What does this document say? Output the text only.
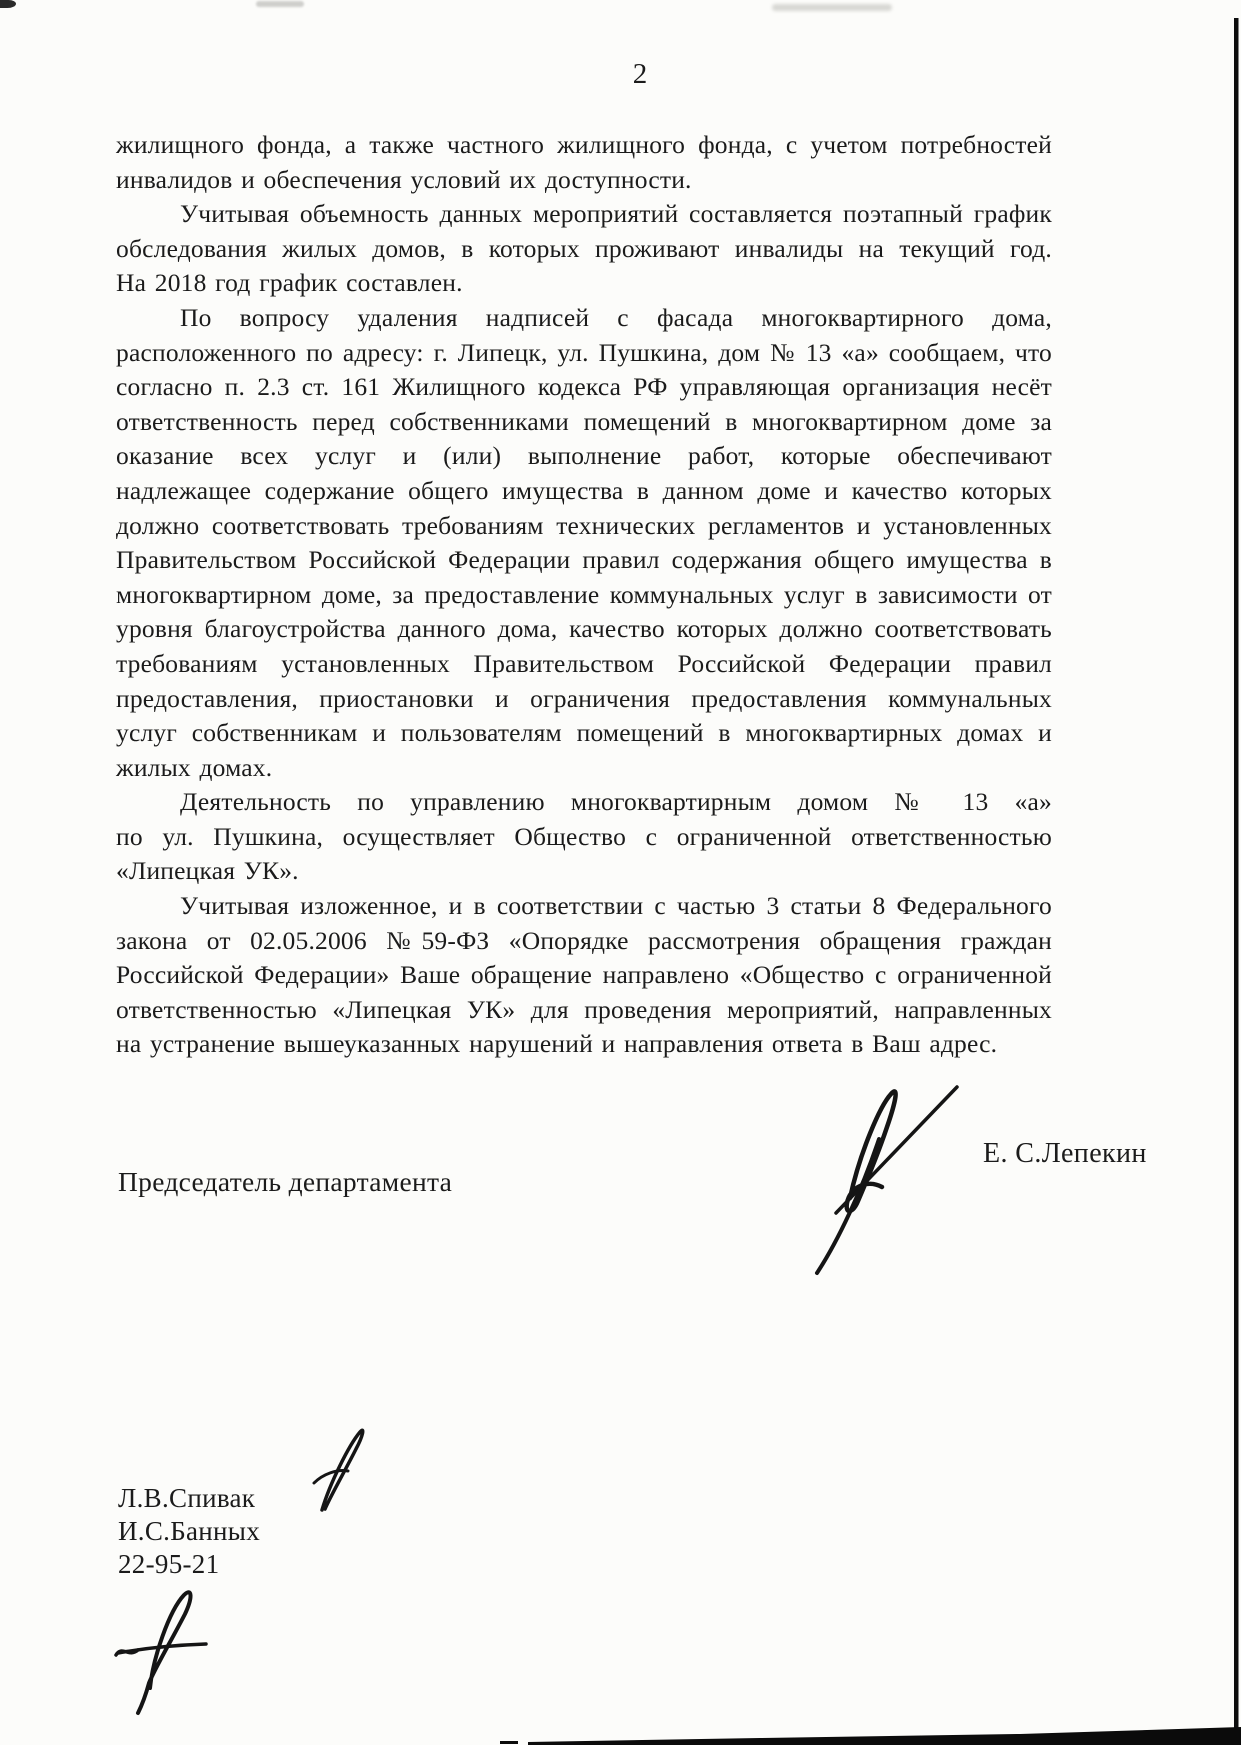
2
жилищного фонда, а также частного жилищного фонда, с учетом потребностей
инвалидов и обеспечения условий их доступности.
Учитывая объемность данных мероприятий составляется поэтапный график
обследования жилых домов, в которых проживают инвалиды на текущий год.
На 2018 год график составлен.
По вопросу удаления надписей с фасада многоквартирного дома,
расположенного по адресу: г. Липецк, ул. Пушкина, дом № 13 «а» сообщаем, что
согласно п. 2.3 ст. 161 Жилищного кодекса РФ управляющая организация несёт
ответственность перед собственниками помещений в многоквартирном доме за
оказание всех услуг и (или) выполнение работ, которые обеспечивают
надлежащее содержание общего имущества в данном доме и качество которых
должно соответствовать требованиям технических регламентов и установленных
Правительством Российской Федерации правил содержания общего имущества в
многоквартирном доме, за предоставление коммунальных услуг в зависимости от
уровня благоустройства данного дома, качество которых должно соответствовать
требованиям установленных Правительством Российской Федерации правил
предоставления, приостановки и ограничения предоставления коммунальных
услуг собственникам и пользователям помещений в многоквартирных домах и
жилых домах.
Деятельность по управлению многоквартирным домом № 13 «а»
по ул. Пушкина, осуществляет Общество с ограниченной ответственностью
«Липецкая УК».
Учитывая изложенное, и в соответствии с частью 3 статьи 8 Федерального
закона от 02.05.2006 №59-ФЗ «Опорядке рассмотрения обращения граждан
Российской Федерации» Ваше обращение направлено «Общество с ограниченной
ответственностью «Липецкая УК» для проведения мероприятий, направленных
на устранение вышеуказанных нарушений и направления ответа в Ваш адрес.
Председатель департамента
Е. С.Лепекин
Л.В.Спивак
И.С.Банных
22-95-21
